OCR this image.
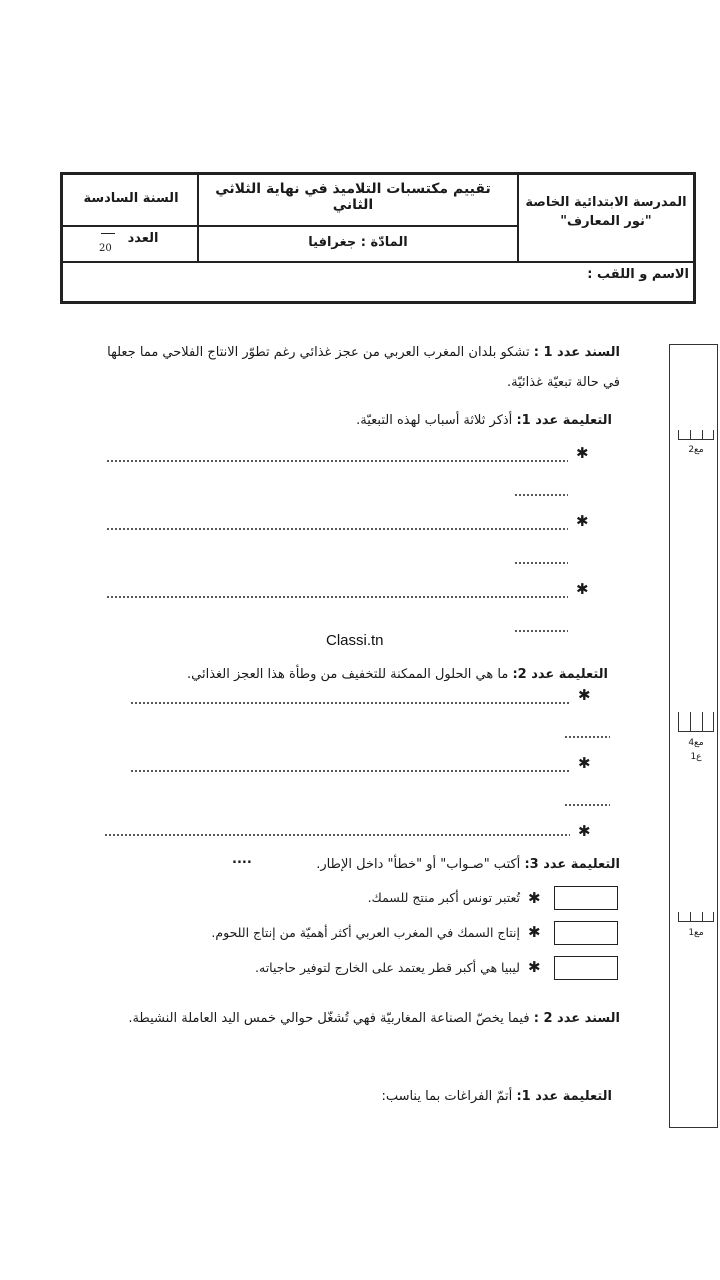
المدرسة الابتدائية الخاصة
"نور المعارف"
تقييم مكتسبات التلاميذ في نهاية الثلاثي الثاني
المادّة : جغرافيا
السنة السادسة
العدد
20
الاسم و اللقب :
Classi.tn
مع2
مع4
ع1
مع1
السند عدد 1 : تشكو بلدان المغرب العربي من عجز غذائي رغم تطوّر الانتاج الفلاحي مما جعلها في حالة تبعيّة غذائيّة.
التعليمة عدد 1: أذكر ثلاثة أسباب لهذه التبعيّة.
✱
✱
✱
التعليمة عدد 2: ما هي الحلول الممكنة للتخفيف من وطأة هذا العجز الغذائي.
✱
✱
✱
التعليمة عدد 3: أكتب "صـواب" أو "خطأ" داخل الإطار.
....
✱
تُعتبر تونس أكبر منتج للسمك.
✱
إنتاج السمك في المغرب العربي أكثر أهميّة من إنتاج اللحوم.
✱
ليبيا هي أكبر قطر يعتمد على الخارج لتوفير حاجياته.
السند عدد 2 : فيما يخصّ الصناعة المغاربيّة فهي تُشغّل حوالي خمس اليد العاملة النشيطة.
التعليمة عدد 1: أتمّ الفراغات بما يناسب:
